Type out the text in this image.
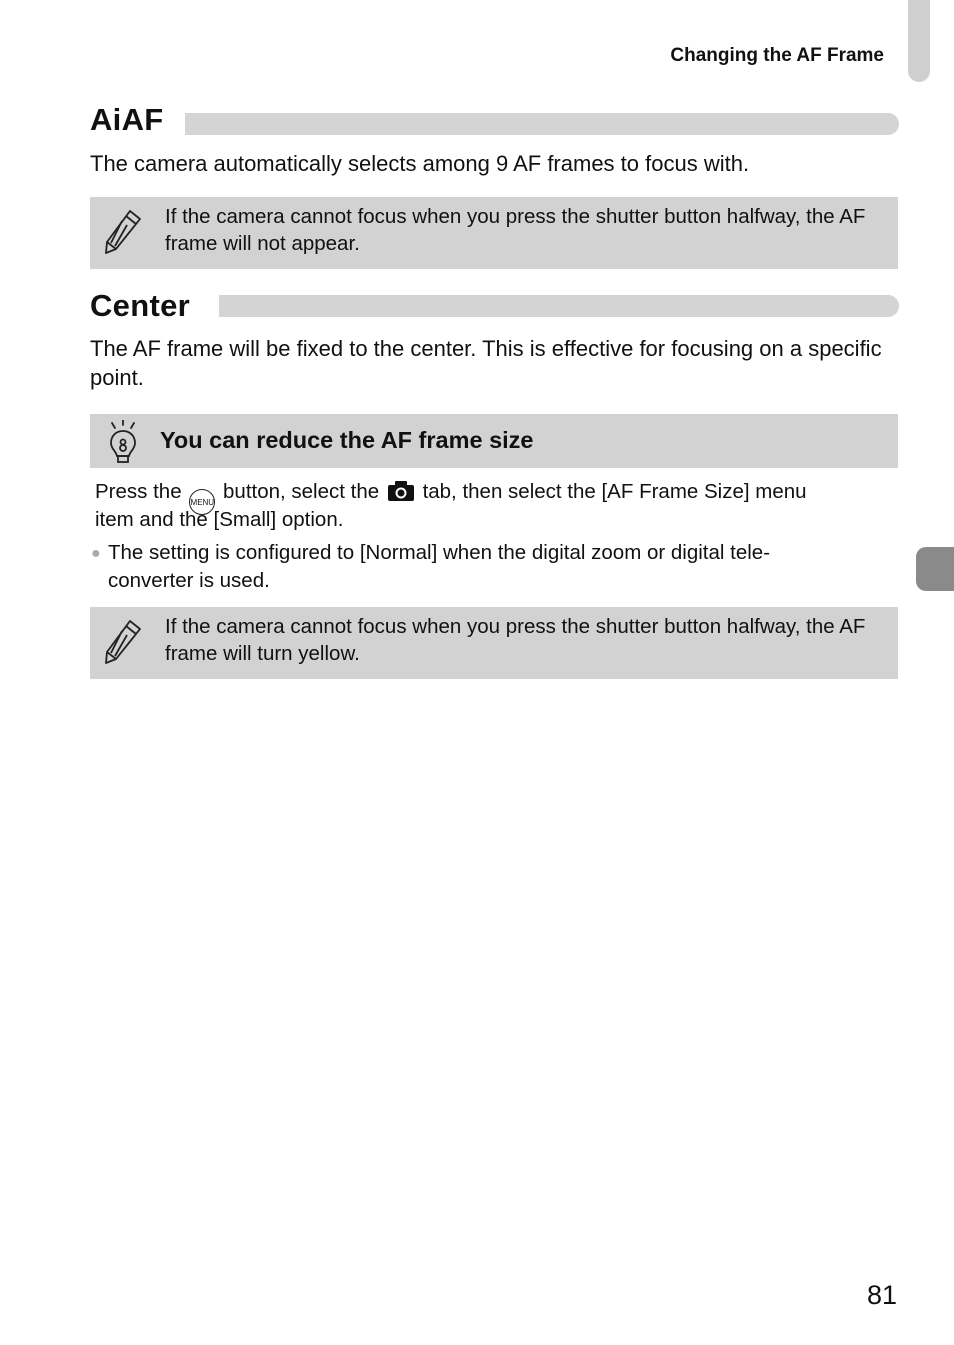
Changing the AF Frame
AiAF
The camera automatically selects among 9 AF frames to focus with.
If the camera cannot focus when you press the shutter button halfway, the AF frame will not appear.
Center
The AF frame will be fixed to the center. This is effective for focusing on a specific point.
You can reduce the AF frame size
Press the MENU button, select the tab, then select the [AF Frame Size] menu
item and the [Small] option.
● The setting is configured to [Normal] when the digital zoom or digital tele-converter is used.
If the camera cannot focus when you press the shutter button halfway, the AF frame will turn yellow.
81
